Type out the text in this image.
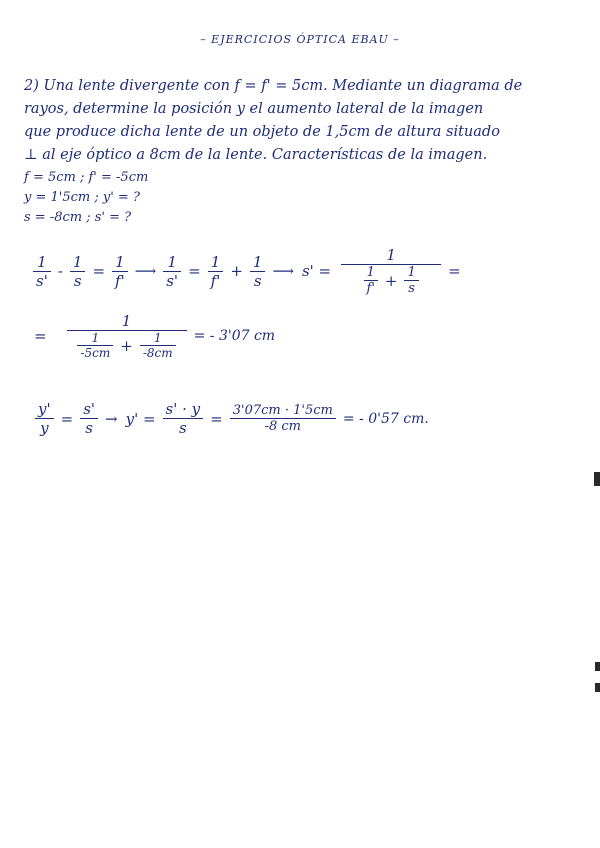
– EJERCICIOS ÓPTICA EBAU –
2) Una lente divergente con f = f' = 5cm. Mediante un diagrama de
rayos, determine la posición y el aumento lateral de la imagen
que produce dicha lente de un objeto de 1,5cm de altura situado
⊥ al eje óptico a 8cm de la lente. Características de la imagen.
f = 5cm ; f' = -5cm
y = 1'5cm ; y' = ?
s = -8cm ; s' = ?
$\frac{1}{s'} - \frac{1}{s} = \frac{1}{f'}$ ⟶ $\frac{1}{s'} = \frac{1}{f'} + \frac{1}{s}$ ⟶ $s' = \frac{1}{\frac{1}{f'} + \frac{1}{s}}$ =
= $\frac{1}{\frac{1}{-5cm} + \frac{1}{-8cm}}$ = - 3'07 cm
$\frac{y'}{y} = \frac{s'}{s} \to y' = \frac{s' \cdot y}{s} = \frac{3'07cm \cdot 1'5cm}{-8 cm}$ = - 0'57 cm.
